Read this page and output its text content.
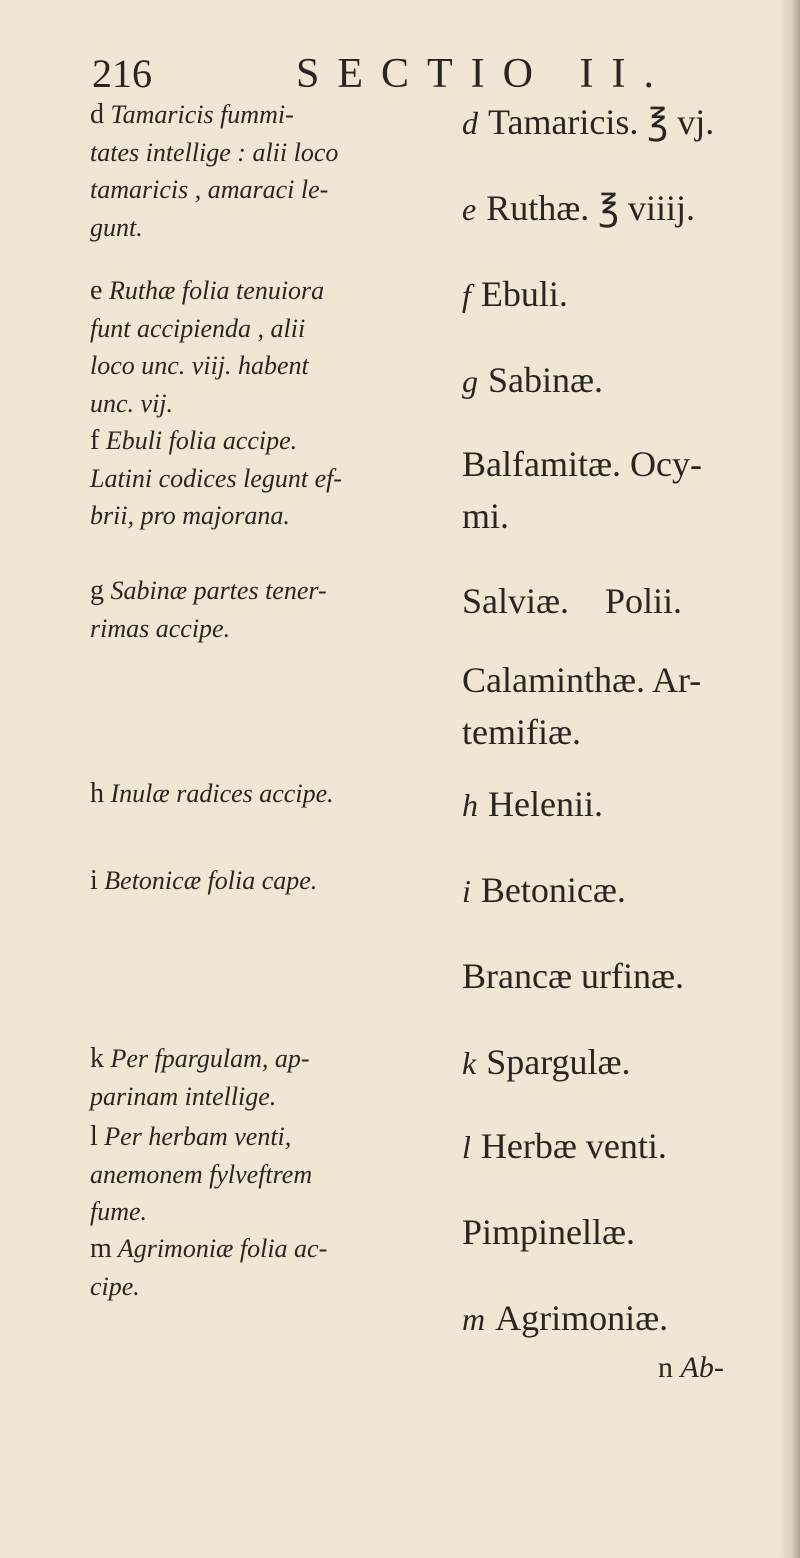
216	SECTIO II.
d Tamaricis fummi-
tates intellige : alii loco
tamaricis , amaraci le-
gunt.
e Ruthæ folia tenuiora
funt accipienda , alii
loco unc. viij. habent
unc. vij.
f Ebuli folia accipe.
Latini codices legunt ef-
brii, pro majorana.
g Sabinæ partes tener-
rimas accipe.
h Inulæ radices accipe.
i Betonicæ folia cape.
k Per fpargulam, ap-
parinam intellige.
l Per herbam venti,
anemonem fylveftrem
fume.
m Agrimoniæ folia ac-
cipe.
d Tamaricis. ℥ vj.
e Ruthæ. ℥ viiij.
f Ebuli.
g Sabinæ.
Balfamitæ. Ocy-
mi.
Salviæ.    Polii.
Calaminthæ. Ar-
temifiæ.
h Helenii.
i Betonicæ.
Brancæ urfinæ.
k Spargulæ.
l Herbæ venti.
Pimpinellæ.
m Agrimoniæ.
n Ab-
